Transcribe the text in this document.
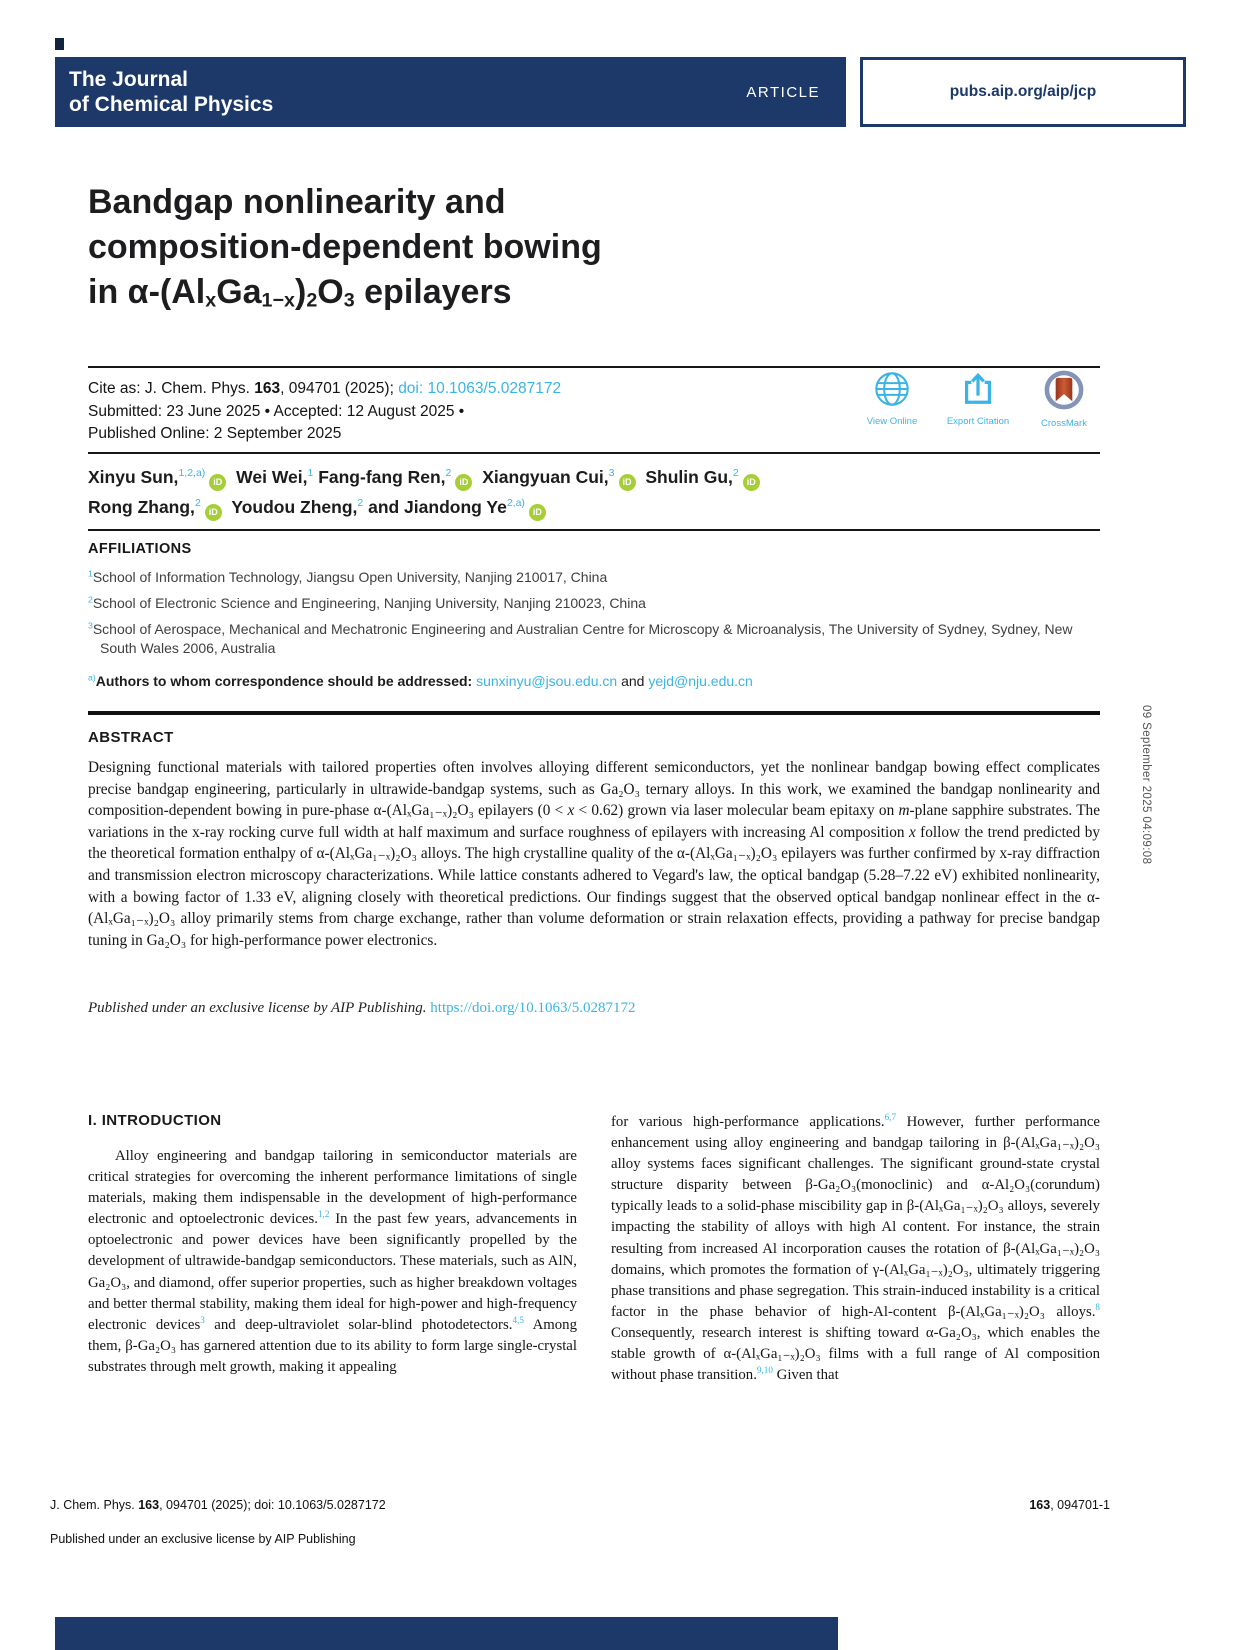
The Journal
of Chemical Physics
ARTICLE	pubs.aip.org/aip/jcp
Bandgap nonlinearity and
composition-dependent bowing
in $\alpha-(Al_xGa_{1-x})_2O_3$ epilayers
Cite as: J. Chem. Phys. 163, 094701 (2025); doi: 10.1063/5.0287172
Submitted: 23 June 2025 • Accepted: 12 August 2025 •
Published Online: 2 September 2025
View Online	Export Citation	CrossMark
Xinyu Sun,$^{1,2,a)}$iD Wei Wei,$^1$ Fang-fang Ren,$^2$iD Xiangyuan Cui,$^3$iD Shulin Gu,$^2$iD
Rong Zhang,$^2$iD Youdou Zheng,$^2$ and Jiandong Ye$^{2,a)}$iD
AFFILIATIONS
$^1$School of Information Technology, Jiangsu Open University, Nanjing 210017, China
$^2$School of Electronic Science and Engineering, Nanjing University, Nanjing 210023, China
$^3$School of Aerospace, Mechanical and Mechatronic Engineering and Australian Centre for Microscopy & Microanalysis, The University of Sydney, Sydney, New South Wales 2006, Australia
$^{a)}$Authors to whom correspondence should be addressed: sunxinyu@jsou.edu.cn and yejd@nju.edu.cn
ABSTRACT
Designing functional materials with tailored properties often involves alloying different semiconductors, yet the nonlinear bandgap bowing effect complicates precise bandgap engineering, particularly in ultrawide-bandgap systems, such as Ga₂O₃ ternary alloys. In this work, we examined the bandgap nonlinearity and composition-dependent bowing in pure-phase α-(AlₓGa₁₋ₓ)₂O₃ epilayers (0 < x < 0.62) grown via laser molecular beam epitaxy on m-plane sapphire substrates. The variations in the x-ray rocking curve full width at half maximum and surface roughness of epilayers with increasing Al composition x follow the trend predicted by the theoretical formation enthalpy of α-(AlₓGa₁₋ₓ)₂O₃ alloys. The high crystalline quality of the α-(AlₓGa₁₋ₓ)₂O₃ epilayers was further confirmed by x-ray diffraction and transmission electron microscopy characterizations. While lattice constants adhered to Vegard's law, the optical bandgap (5.28–7.22 eV) exhibited nonlinearity, with a bowing factor of 1.33 eV, aligning closely with theoretical predictions. Our findings suggest that the observed optical bandgap nonlinear effect in the α-(AlₓGa₁₋ₓ)₂O₃ alloy primarily stems from charge exchange, rather than volume deformation or strain relaxation effects, providing a pathway for precise bandgap tuning in Ga₂O₃ for high-performance power electronics.
Published under an exclusive license by AIP Publishing. https://doi.org/10.1063/5.0287172
I. INTRODUCTION
Alloy engineering and bandgap tailoring in semiconductor materials are critical strategies for overcoming the inherent performance limitations of single materials, making them indispensable in the development of high-performance electronic and optoelectronic devices.$^{1,2}$ In the past few years, advancements in optoelectronic and power devices have been significantly propelled by the development of ultrawide-bandgap semiconductors. These materials, such as AlN, Ga₂O₃, and diamond, offer superior properties, such as higher breakdown voltages and better thermal stability, making them ideal for high-power and high-frequency electronic devices$^3$ and deep-ultraviolet solar-blind photodetectors.$^{4,5}$ Among them, β-Ga₂O₃ has garnered attention due to its ability to form large single-crystal substrates through melt growth, making it appealing
for various high-performance applications.$^{6,7}$ However, further performance enhancement using alloy engineering and bandgap tailoring in β-(AlₓGa₁₋ₓ)₂O₃ alloy systems faces significant challenges. The significant ground-state crystal structure disparity between β-Ga₂O₃(monoclinic) and α-Al₂O₃(corundum) typically leads to a solid-phase miscibility gap in β-(AlₓGa₁₋ₓ)₂O₃ alloys, severely impacting the stability of alloys with high Al content. For instance, the strain resulting from increased Al incorporation causes the rotation of β-(AlₓGa₁₋ₓ)₂O₃ domains, which promotes the formation of γ-(AlₓGa₁₋ₓ)₂O₃, ultimately triggering phase transitions and phase segregation. This strain-induced instability is a critical factor in the phase behavior of high-Al-content β-(AlₓGa₁₋ₓ)₂O₃ alloys.$^8$ Consequently, research interest is shifting toward α-Ga₂O₃, which enables the stable growth of α-(AlₓGa₁₋ₓ)₂O₃ films with a full range of Al composition without phase transition.$^{9,10}$ Given that
J. Chem. Phys. 163, 094701 (2025); doi: 10.1063/5.0287172
Published under an exclusive license by AIP Publishing
163, 094701-1
09 September 2025 04:09:08
